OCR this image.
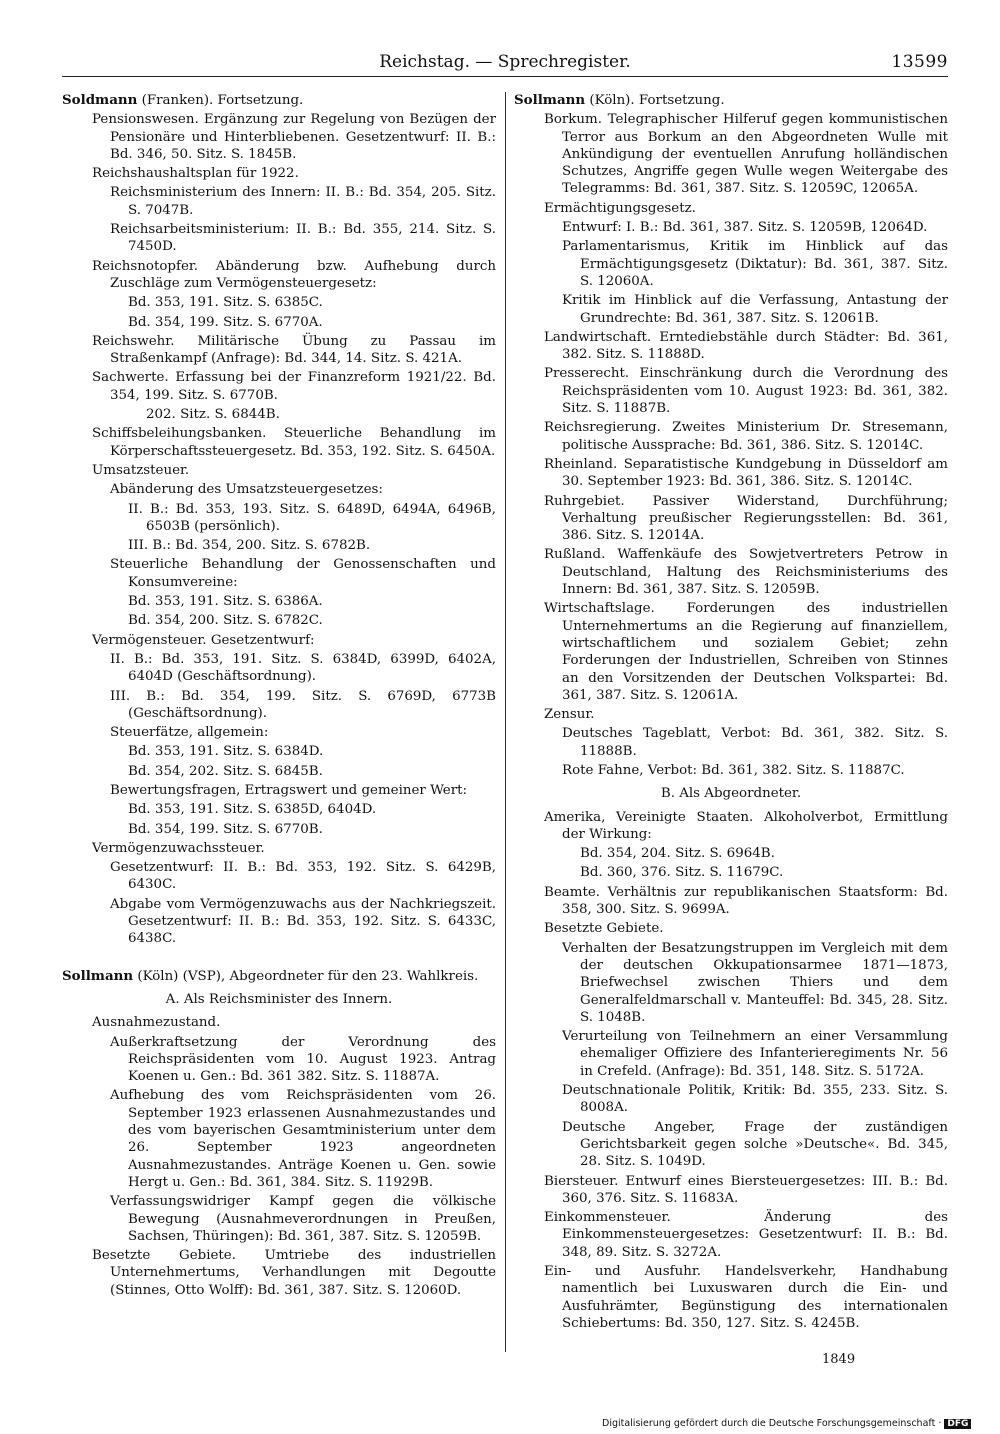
Reichstag. — Sprechregister.	13599
Soldmann (Franken). Fortsetzung.
Pensionswesen. Ergänzung zur Regelung von Bezügen der Pensionäre und Hinterbliebenen. Gesetzentwurf: II. B.: Bd. 346, 50. Sitz. S. 1845B.
Reichshaushaltsplan für 1922.
Reichsministerium des Innern: II. B.: Bd. 354, 205. Sitz. S. 7047B.
Reichsarbeitsministerium: II. B.: Bd. 355, 214. Sitz. S. 7450D.
Reichsnotopfer. Abänderung bzw. Aufhebung durch Zuschläge zum Vermögensteuergesetz:
Bd. 353, 191. Sitz. S. 6385C.
Bd. 354, 199. Sitz. S. 6770A.
Reichswehr. Militärische Übung zu Passau im Straßenkampf (Anfrage): Bd. 344, 14. Sitz. S. 421A.
Sachwerte. Erfassung bei der Finanzreform 1921/22. Bd. 354, 199. Sitz. S. 6770B.
202. Sitz. S. 6844B.
Schiffsbeleihungsbanken. Steuerliche Behandlung im Körperschaftssteuergesetz. Bd. 353, 192. Sitz. S. 6450A.
Umsatzsteuer.
Abänderung des Umsatzsteuergesetzes:
II. B.: Bd. 353, 193. Sitz. S. 6489D, 6494A, 6496B, 6503B (persönlich).
III. B.: Bd. 354, 200. Sitz. S. 6782B.
Steuerliche Behandlung der Genossenschaften und Konsumvereine:
Bd. 353, 191. Sitz. S. 6386A.
Bd. 354, 200. Sitz. S. 6782C.
Vermögensteuer. Gesetzentwurf:
II. B.: Bd. 353, 191. Sitz. S. 6384D, 6399D, 6402A, 6404D (Geschäftsordnung).
III. B.: Bd. 354, 199. Sitz. S. 6769D, 6773B (Geschäftsordnung).
Steuerfätze, allgemein:
Bd. 353, 191. Sitz. S. 6384D.
Bd. 354, 202. Sitz. S. 6845B.
Bewertungsfragen, Ertragswert und gemeiner Wert:
Bd. 353, 191. Sitz. S. 6385D, 6404D.
Bd. 354, 199. Sitz. S. 6770B.
Vermögenzuwachssteuer.
Gesetzentwurf: II. B.: Bd. 353, 192. Sitz. S. 6429B, 6430C.
Abgabe vom Vermögenzuwachs aus der Nachkriegszeit. Gesetzentwurf: II. B.: Bd. 353, 192. Sitz. S. 6433C, 6438C.
Sollmann (Köln) (VSP), Abgeordneter für den 23. Wahlkreis.
A. Als Reichsminister des Innern.
Ausnahmezustand.
Außerkraftsetzung der Verordnung des Reichspräsidenten vom 10. August 1923. Antrag Koenen u. Gen.: Bd. 361 382. Sitz. S. 11887A.
Aufhebung des vom Reichspräsidenten vom 26. September 1923 erlassenen Ausnahmezustandes und des vom bayerischen Gesamtministerium unter dem 26. September 1923 angeordneten Ausnahmezustandes. Anträge Koenen u. Gen. sowie Hergt u. Gen.: Bd. 361, 384. Sitz. S. 11929B.
Verfassungswidriger Kampf gegen die völkische Bewegung (Ausnahmeverordnungen in Preußen, Sachsen, Thüringen): Bd. 361, 387. Sitz. S. 12059B.
Besetzte Gebiete. Umtriebe des industriellen Unternehmertums, Verhandlungen mit Degoutte (Stinnes, Otto Wolff): Bd. 361, 387. Sitz. S. 12060D.
Sollmann (Köln). Fortsetzung.
Borkum. Telegraphischer Hilferuf gegen kommunistischen Terror aus Borkum an den Abgeordneten Wulle mit Ankündigung der eventuellen Anrufung holländischen Schutzes, Angriffe gegen Wulle wegen Weitergabe des Telegramms: Bd. 361, 387. Sitz. S. 12059C, 12065A.
Ermächtigungsgesetz.
Entwurf: I. B.: Bd. 361, 387. Sitz. S. 12059B, 12064D.
Parlamentarismus, Kritik im Hinblick auf das Ermächtigungsgesetz (Diktatur): Bd. 361, 387. Sitz. S. 12060A.
Kritik im Hinblick auf die Verfassung, Antastung der Grundrechte: Bd. 361, 387. Sitz. S. 12061B.
Landwirtschaft. Erntediebstähle durch Städter: Bd. 361, 382. Sitz. S. 11888D.
Presserecht. Einschränkung durch die Verordnung des Reichspräsidenten vom 10. August 1923: Bd. 361, 382. Sitz. S. 11887B.
Reichsregierung. Zweites Ministerium Dr. Stresemann, politische Aussprache: Bd. 361, 386. Sitz. S. 12014C.
Rheinland. Separatistische Kundgebung in Düsseldorf am 30. September 1923: Bd. 361, 386. Sitz. S. 12014C.
Ruhrgebiet. Passiver Widerstand, Durchführung; Verhaltung preußischer Regierungsstellen: Bd. 361, 386. Sitz. S. 12014A.
Rußland. Waffenkäufe des Sowjetvertreters Petrow in Deutschland, Haltung des Reichsministeriums des Innern: Bd. 361, 387. Sitz. S. 12059B.
Wirtschaftslage. Forderungen des industriellen Unternehmertums an die Regierung auf finanziellem, wirtschaftlichem und sozialem Gebiet; zehn Forderungen der Industriellen, Schreiben von Stinnes an den Vorsitzenden der Deutschen Volkspartei: Bd. 361, 387. Sitz. S. 12061A.
Zensur.
Deutsches Tageblatt, Verbot: Bd. 361, 382. Sitz. S. 11888B.
Rote Fahne, Verbot: Bd. 361, 382. Sitz. S. 11887C.
B. Als Abgeordneter.
Amerika, Vereinigte Staaten. Alkoholverbot, Ermittlung der Wirkung:
Bd. 354, 204. Sitz. S. 6964B.
Bd. 360, 376. Sitz. S. 11679C.
Beamte. Verhältnis zur republikanischen Staatsform: Bd. 358, 300. Sitz. S. 9699A.
Besetzte Gebiete.
Verhalten der Besatzungstruppen im Vergleich mit dem der deutschen Okkupationsarmee 1871—1873, Briefwechsel zwischen Thiers und dem Generalfeldmarschall v. Manteuffel: Bd. 345, 28. Sitz. S. 1048B.
Verurteilung von Teilnehmern an einer Versammlung ehemaliger Offiziere des Infanterieregiments Nr. 56 in Crefeld. (Anfrage): Bd. 351, 148. Sitz. S. 5172A.
Deutschnationale Politik, Kritik: Bd. 355, 233. Sitz. S. 8008A.
Deutsche Angeber, Frage der zuständigen Gerichtsbarkeit gegen solche »Deutsche«. Bd. 345, 28. Sitz. S. 1049D.
Biersteuer. Entwurf eines Biersteuergesetzes: III. B.: Bd. 360, 376. Sitz. S. 11683A.
Einkommensteuer. Änderung des Einkommensteuergesetzes: Gesetzentwurf: II. B.: Bd. 348, 89. Sitz. S. 3272A.
Ein- und Ausfuhr. Handelsverkehr, Handhabung namentlich bei Luxuswaren durch die Ein- und Ausfuhrämter, Begünstigung des internationalen Schiebertums: Bd. 350, 127. Sitz. S. 4245B.
1849
Digitalisierung gefördert durch die Deutsche Forschungsgemeinschaft · DFG
